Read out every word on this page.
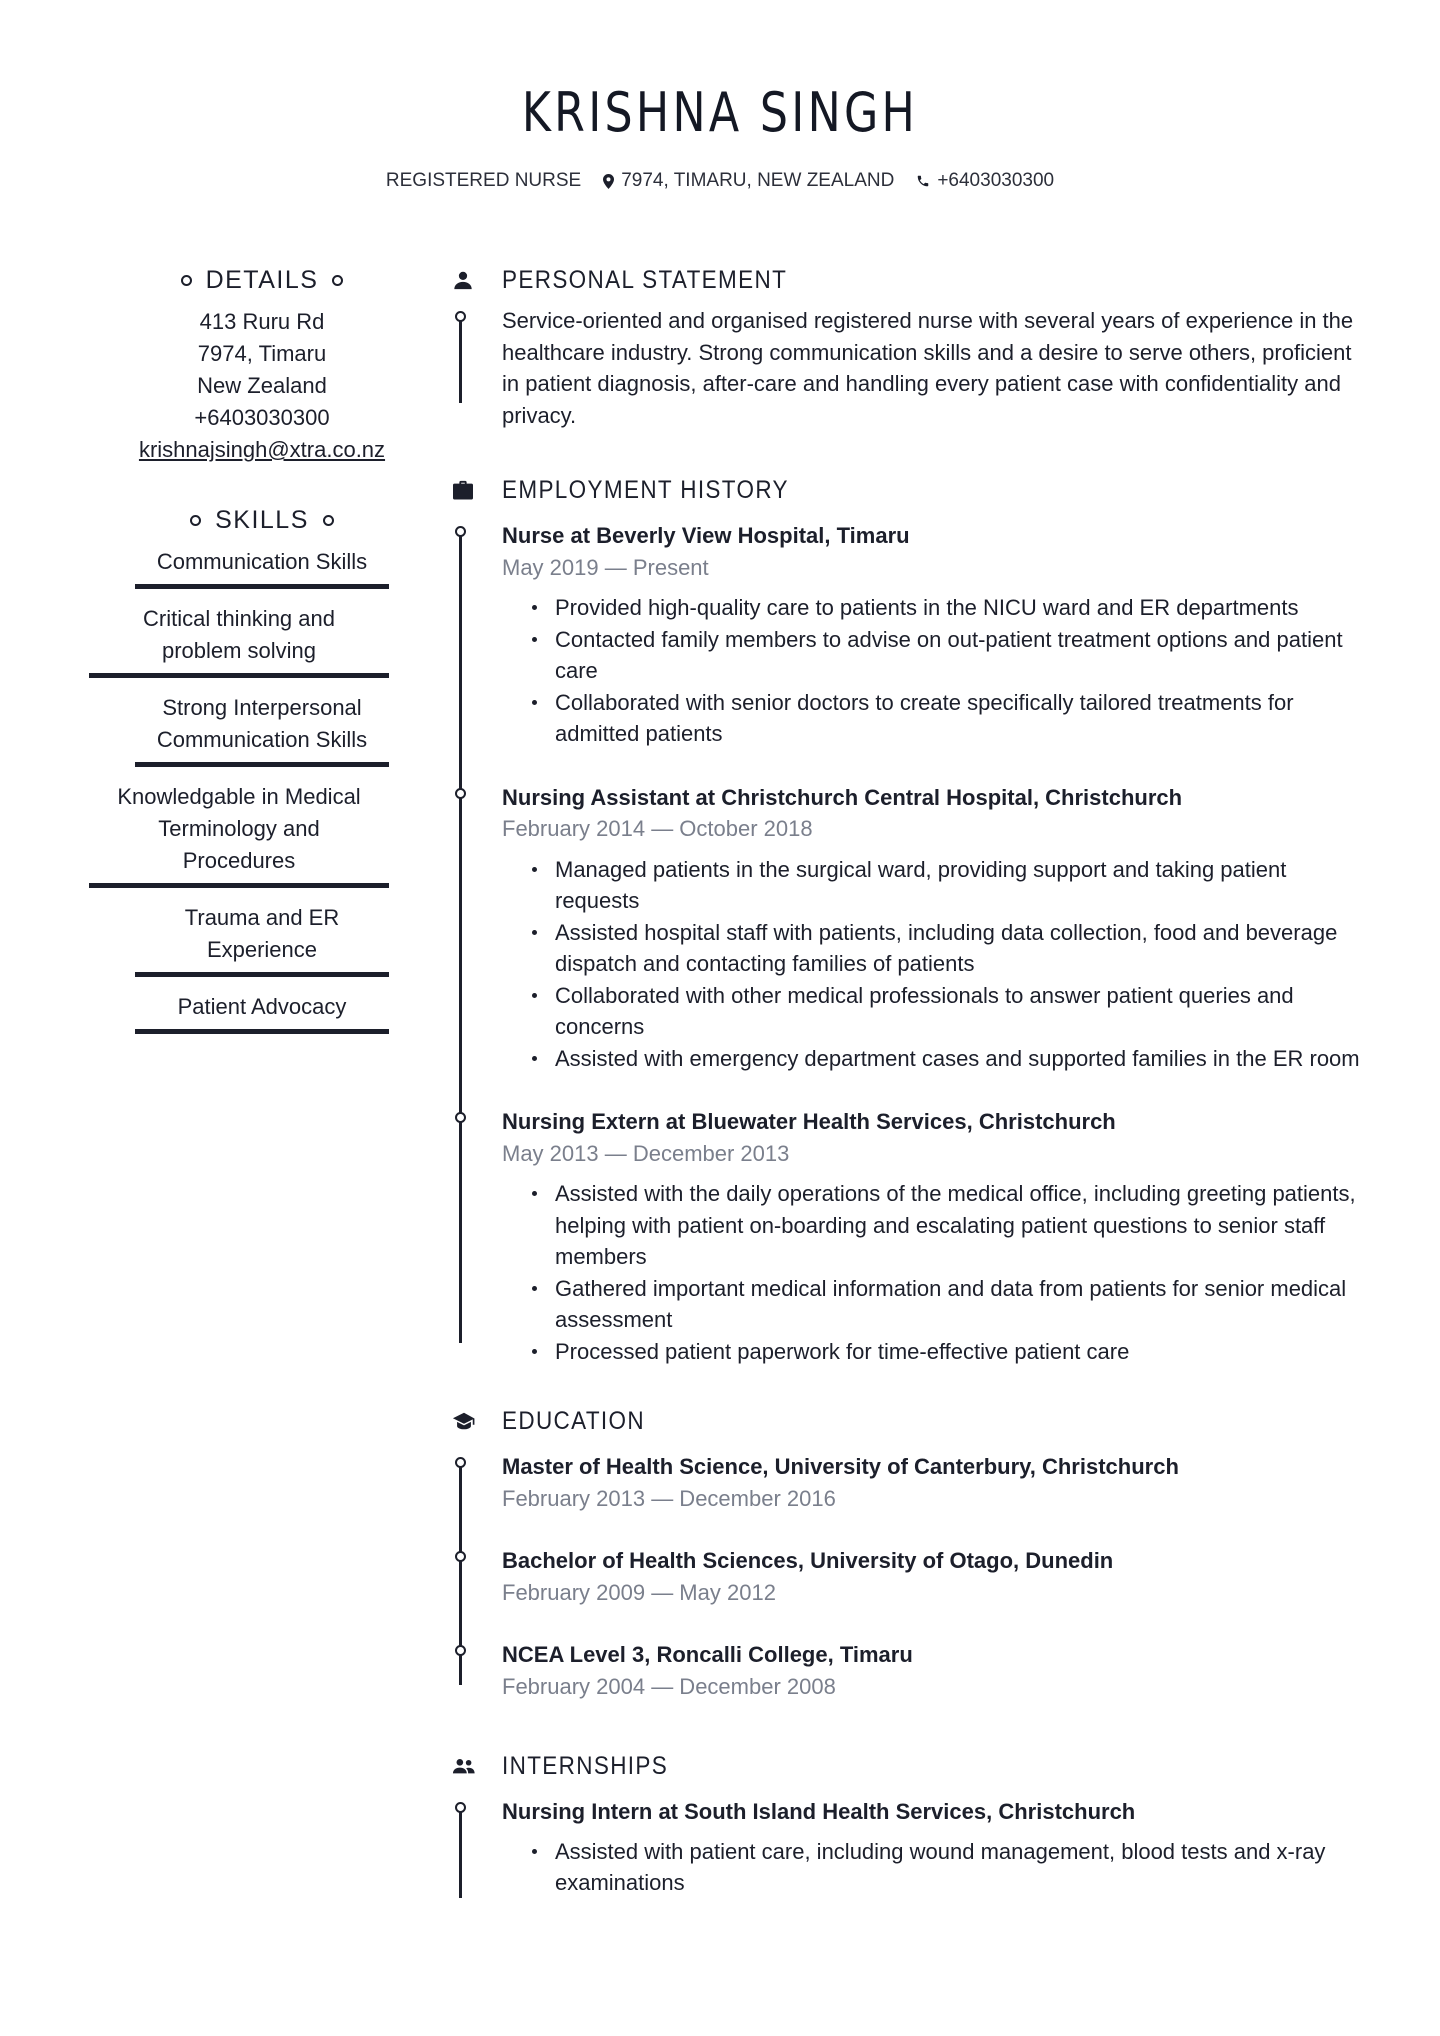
KRISHNA SINGH
REGISTERED NURSE 7974, TIMARU, NEW ZEALAND +6403030300
DETAILS
413 Ruru Rd
7974, Timaru
New Zealand
+6403030300
krishnajsingh@xtra.co.nz
SKILLS
Communication Skills
Critical thinking and problem solving
Strong Interpersonal Communication Skills
Knowledgable in Medical Terminology and Procedures
Trauma and ER Experience
Patient Advocacy
PERSONAL STATEMENT

Service-oriented and organised registered nurse with several years of experience in the healthcare industry. Strong communication skills and a desire to serve others, proficient in patient diagnosis, after-care and handling every patient case with confidentiality and privacy.

EMPLOYMENT HISTORY
Nurse at Beverly View Hospital, Timaru
May 2019 — Present
Provided high-quality care to patients in the NICU ward and ER departments
Contacted family members to advise on out-patient treatment options and patient care
Collaborated with senior doctors to create specifically tailored treatments for admitted patients
Nursing Assistant at Christchurch Central Hospital, Christchurch
February 2014 — October 2018
Managed patients in the surgical ward, providing support and taking patient requests
Assisted hospital staff with patients, including data collection, food and beverage dispatch and contacting families of patients
Collaborated with other medical professionals to answer patient queries and concerns
Assisted with emergency department cases and supported families in the ER room
Nursing Extern at Bluewater Health Services, Christchurch
May 2013 — December 2013
Assisted with the daily operations of the medical office, including greeting patients, helping with patient on-boarding and escalating patient questions to senior staff members
Gathered important medical information and data from patients for senior medical assessment
Processed patient paperwork for time-effective patient care
EDUCATION
Master of Health Science, University of Canterbury, Christchurch
February 2013 — December 2016
Bachelor of Health Sciences, University of Otago, Dunedin
February 2009 — May 2012
NCEA Level 3, Roncalli College, Timaru
February 2004 — December 2008
INTERNSHIPS
Nursing Intern at South Island Health Services, Christchurch
Assisted with patient care, including wound management, blood tests and x-ray examinations
